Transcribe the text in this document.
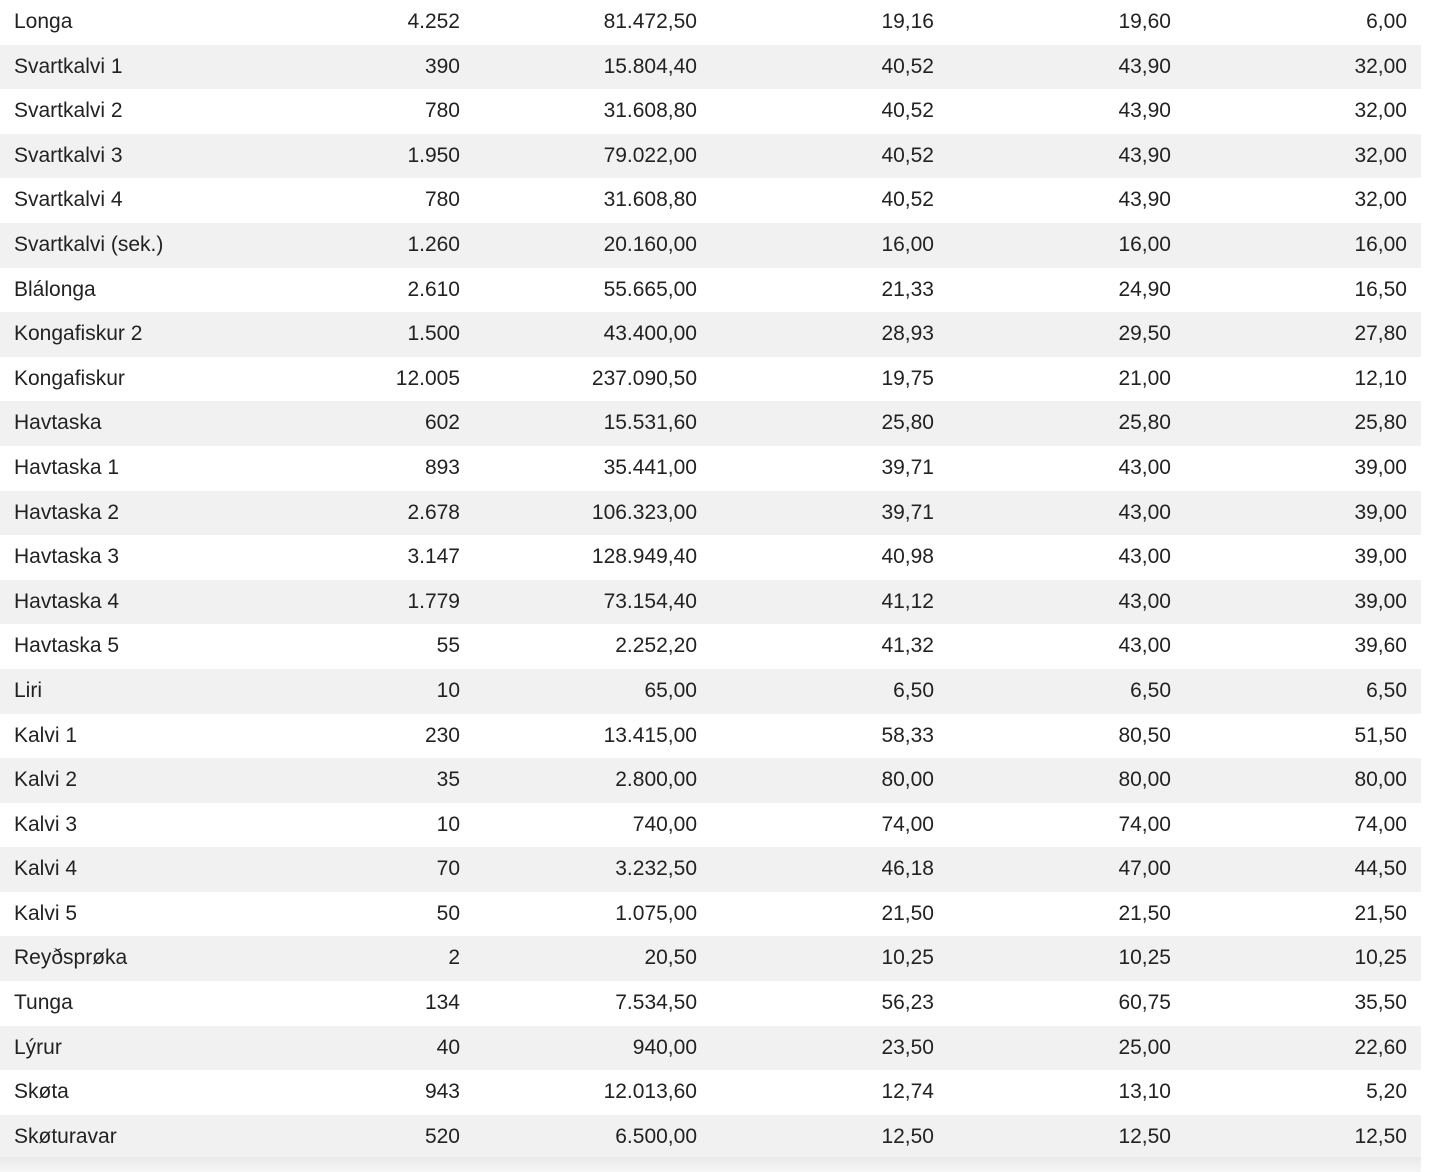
Longa	4.252	81.472,50	19,16	19,60	6,00
Svartkalvi 1	390	15.804,40	40,52	43,90	32,00
Svartkalvi 2	780	31.608,80	40,52	43,90	32,00
Svartkalvi 3	1.950	79.022,00	40,52	43,90	32,00
Svartkalvi 4	780	31.608,80	40,52	43,90	32,00
Svartkalvi (sek.)	1.260	20.160,00	16,00	16,00	16,00
Blálonga	2.610	55.665,00	21,33	24,90	16,50
Kongafiskur 2	1.500	43.400,00	28,93	29,50	27,80
Kongafiskur	12.005	237.090,50	19,75	21,00	12,10
Havtaska	602	15.531,60	25,80	25,80	25,80
Havtaska 1	893	35.441,00	39,71	43,00	39,00
Havtaska 2	2.678	106.323,00	39,71	43,00	39,00
Havtaska 3	3.147	128.949,40	40,98	43,00	39,00
Havtaska 4	1.779	73.154,40	41,12	43,00	39,00
Havtaska 5	55	2.252,20	41,32	43,00	39,60
Liri	10	65,00	6,50	6,50	6,50
Kalvi 1	230	13.415,00	58,33	80,50	51,50
Kalvi 2	35	2.800,00	80,00	80,00	80,00
Kalvi 3	10	740,00	74,00	74,00	74,00
Kalvi 4	70	3.232,50	46,18	47,00	44,50
Kalvi 5	50	1.075,00	21,50	21,50	21,50
Reyðsprøka	2	20,50	10,25	10,25	10,25
Tunga	134	7.534,50	56,23	60,75	35,50
Lýrur	40	940,00	23,50	25,00	22,60
Skøta	943	12.013,60	12,74	13,10	5,20
Skøturavar	520	6.500,00	12,50	12,50	12,50
